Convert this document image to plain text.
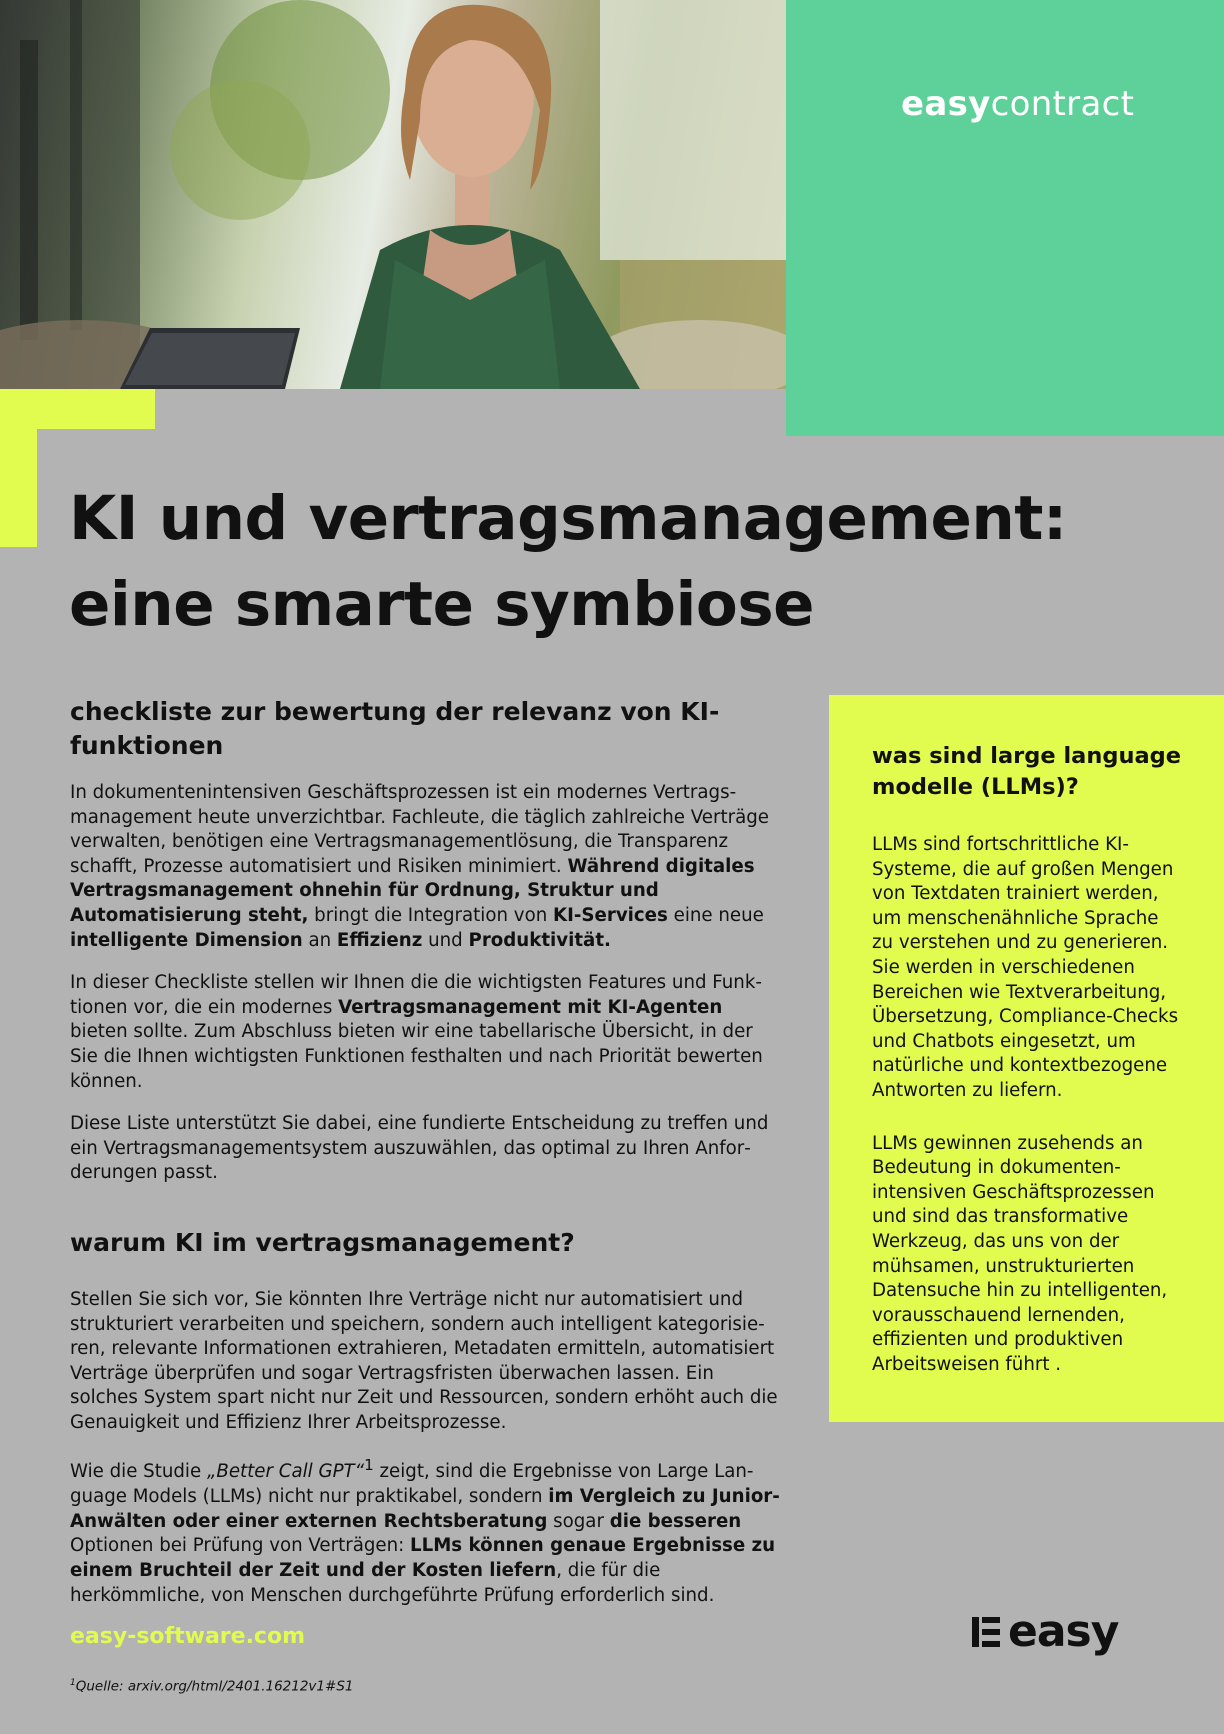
easycontract
KI und vertragsmanagement:
eine smarte symbiose
checkliste zur bewertung der relevanz von KI-funktionen

In dokumentenintensiven Geschäftsprozessen ist ein modernes Vertragsmanagement heute unverzichtbar. Fachleute, die täglich zahlreiche Verträge verwalten, benötigen eine Vertragsmanagementlösung, die Transparenz schafft, Prozesse automatisiert und Risiken minimiert. Während digitales Vertragsmanagement ohnehin für Ordnung, Struktur und Automatisierung steht, bringt die Integration von KI-Services eine neue intelligente Dimension an Effizienz und Produktivität.

In dieser Checkliste stellen wir Ihnen die die wichtigsten Features und Funktionen vor, die ein modernes Vertragsmanagement mit KI-Agenten bieten sollte. Zum Abschluss bieten wir eine tabellarische Übersicht, in der Sie die Ihnen wichtigsten Funktionen festhalten und nach Priorität bewerten können.

Diese Liste unterstützt Sie dabei, eine fundierte Entscheidung zu treffen und ein Vertragsmanagementsystem auszuwählen, das optimal zu Ihren Anforderungen passt.

warum KI im vertragsmanagement?

Stellen Sie sich vor, Sie könnten Ihre Verträge nicht nur automatisiert und strukturiert verarbeiten und speichern, sondern auch intelligent kategorisieren, relevante Informationen extrahieren, Metadaten ermitteln, automatisiert Verträge überprüfen und sogar Vertragsfristen überwachen lassen. Ein solches System spart nicht nur Zeit und Ressourcen, sondern erhöht auch die Genauigkeit und Effizienz Ihrer Arbeitsprozesse.

Wie die Studie „Better Call GPT“$^1$ zeigt, sind die Ergebnisse von Large Language Models (LLMs) nicht nur praktikabel, sondern im Vergleich zu Junior-Anwälten oder einer externen Rechtsberatung sogar die besseren Optionen bei Prüfung von Verträgen: LLMs können genaue Ergebnisse zu einem Bruchteil der Zeit und der Kosten liefern, die für die herkömmliche, von Menschen durchgeführte Prüfung erforderlich sind.

was sind large language modelle (LLMs)?

LLMs sind fortschrittliche KI-Systeme, die auf großen Mengen von Textdaten trainiert werden, um menschenähnliche Sprache zu verstehen und zu generieren. Sie werden in verschiedenen Bereichen wie Textverarbeitung, Übersetzung, Compliance-Checks und Chatbots eingesetzt, um natürliche und kontextbezogene Antworten zu liefern.

LLMs gewinnen zusehends an Bedeutung in dokumentenintensiven Geschäftsprozessen und sind das transformative Werkzeug, das uns von der mühsamen, unstrukturierten Datensuche hin zu intelligenten, vorausschauend lernenden, effizienten und produktiven Arbeitsweisen führt .

easy-software.com
$^1$Quelle: arxiv.org/html/2401.16212v1#S1
easy
